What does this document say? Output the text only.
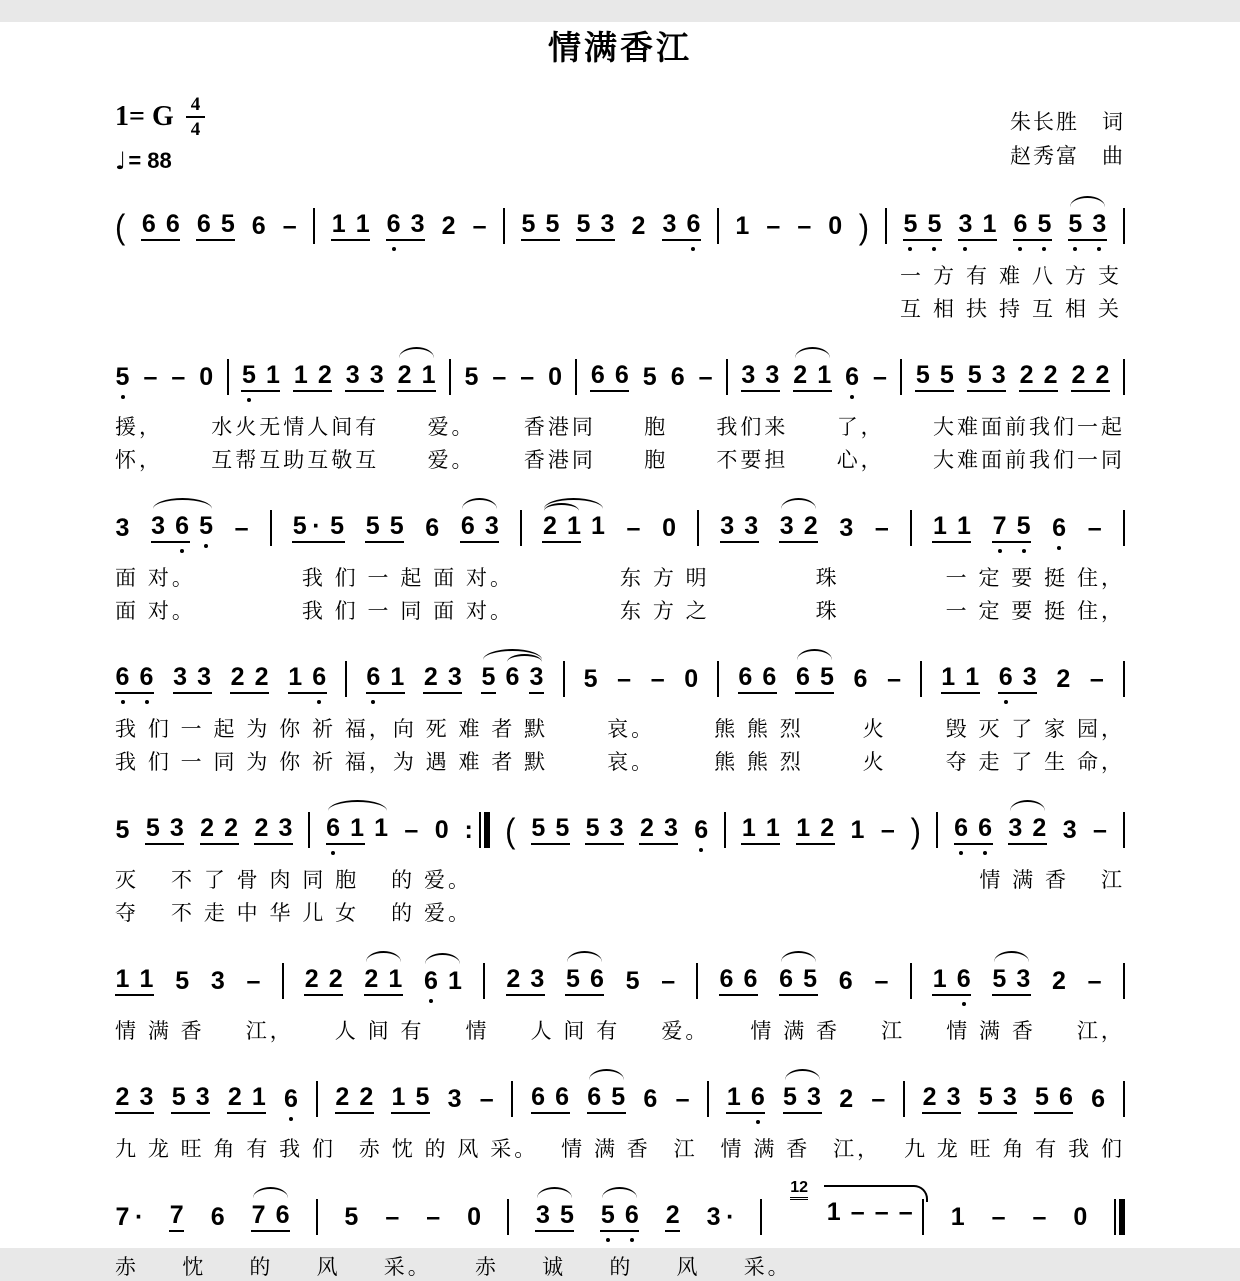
情满香江
朱长胜　词
赵秀富　曲
1= G $\frac{4}{4}$
♩ = 88
( 6 6 6 5 6 – 1 1 6 3 2 – 5 5 5 3 2 3 6 1 – – 0 ) 5 5 3 1 6 5 5 3
一方有难八方支
互相扶持互相关
5 – – 0 5 1 1 2 3 3 2 1 5 – – 0 6 6 5 6 – 3 3 2 1 6 – 5 5 5 3 2 2 2 2
援， 水火无情人间有 爱。 香港同 胞 我们来 了， 大难面前我们一起
怀， 互帮互助互敬互 爱。 香港同 胞 不要担 心， 大难面前我们一同
3 3 6 5 – 5 · 5 5 5 6 6 3 2 1 1 – 0 3 3 3 2 3 – 1 1 7 5 6 –
面 对。	我 们 一 起 面 对。	东 方 明	珠	一 定 要 挺 住，
面 对。	我 们 一 同 面 对。	东 方 之	珠	一 定 要 挺 住，
6 6 3 3 2 2 1 6 6 1 2 3 5 6 3 5 – – 0 6 6 6 5 6 – 1 1 6 3 2 –
我 们 一 起 为 你 祈 福，向 死 难 者 默	哀。	熊 熊 烈	火	毁 灭 了 家 园，
我 们 一 同 为 你 祈 福，为 遇 难 者 默	哀。	熊 熊 烈	火	夺 走 了 生 命，
5 5 3 2 2 2 3 6 1 1 – 0 : ( 5 5 5 3 2 3 6 1 1 1 2 1 – ) 6 6 3 2 3 –
灭 不 了 骨 肉 同 胞 的 爱。	情 满 香 江
夺 不 走 中 华 儿 女 的 爱。
1 1 5 3 – 2 2 2 1 6 1 2 3 5 6 5 – 6 6 6 5 6 – 1 6 5 3 2 –
情 满 香 江， 人 间 有 情 人 间 有 爱。 情 满 香 江 情 满 香 江，
2 3 5 3 2 1 6 2 2 1 5 3 – 6 6 6 5 6 – 1 6 5 3 2 – 2 3 5 3 5 6 6
九 龙 旺 角 有 我 们 赤 忱 的 风 采。 情 满 香 江 情 满 香 江， 九 龙 旺 角 有 我 们
7 · 7 6 7 6 5 – – 0 3 5 5 6 2 3 ·
12
1 – – – 1 – – 0
赤 忱 的 风 采。 赤 诚 的 风 采。
